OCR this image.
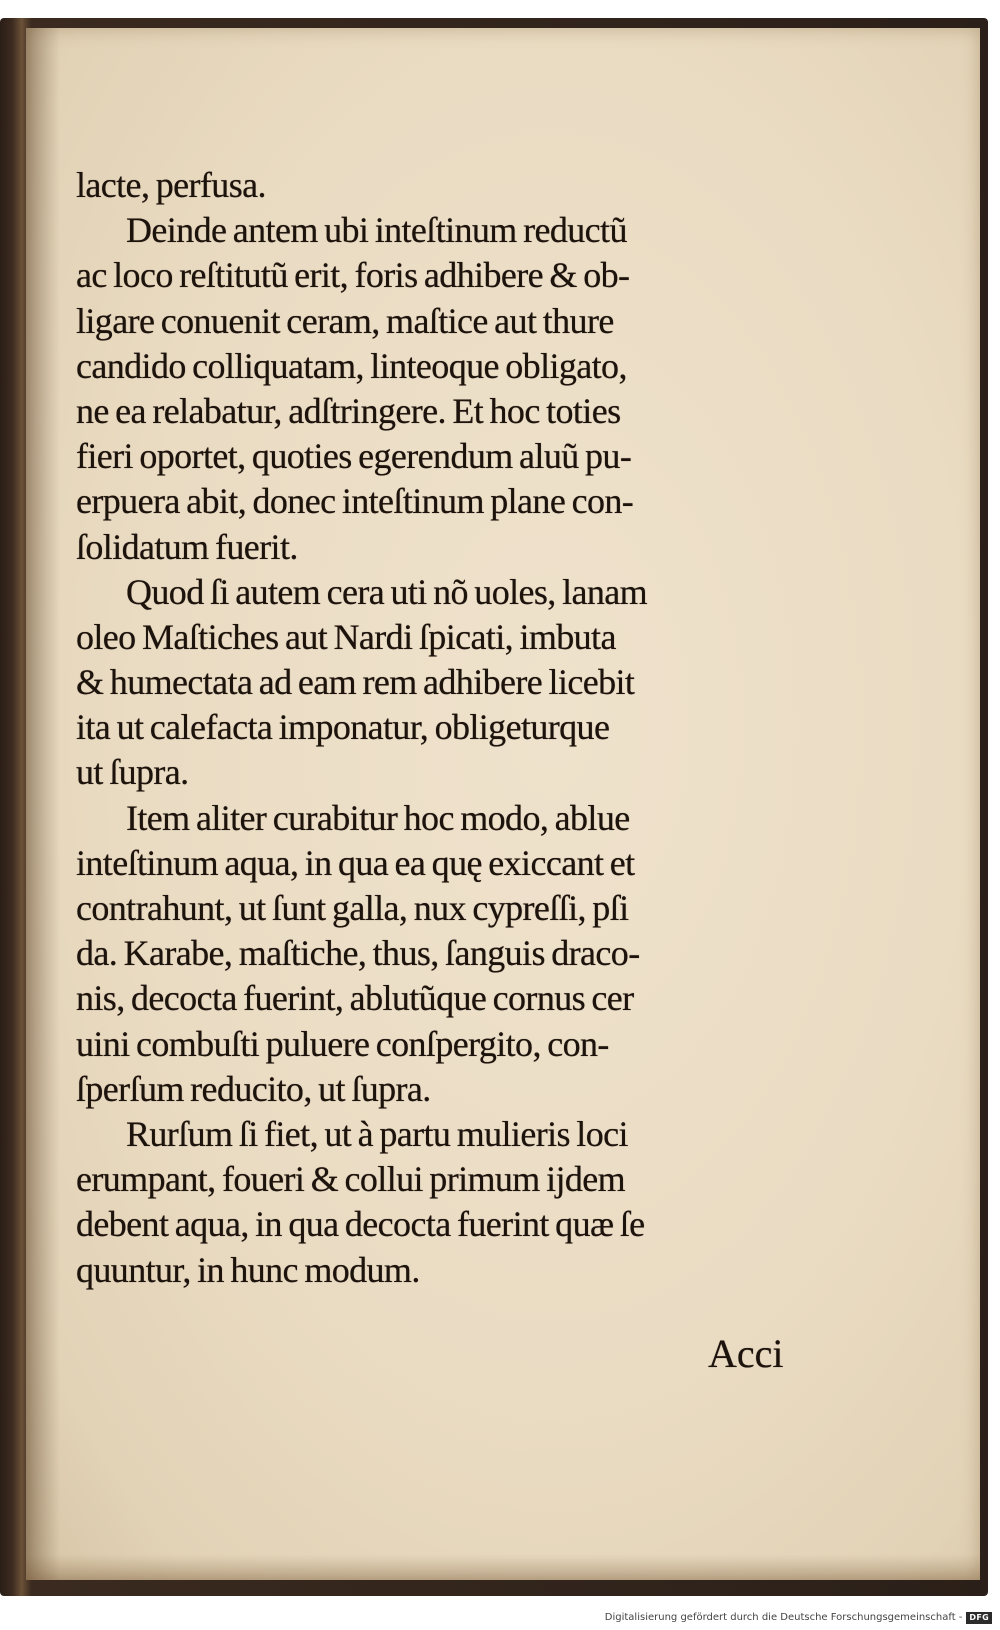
lacte, perfusa.
Deinde antem ubi inteſtinum reductũ
ac loco reſtitutũ erit, foris adhibere & ob-
ligare conuenit ceram, maſtice aut thure
candido colliquatam, linteoque obligato,
ne ea relabatur, adſtringere. Et hoc toties
fieri oportet, quoties egerendum aluũ pu-
erpuera abit, donec inteſtinum plane con-
ſolidatum fuerit.
Quod ſi autem cera uti nõ uoles, lanam
oleo Maſtiches aut Nardi ſpicati, imbuta
& humectata ad eam rem adhibere licebit
ita ut calefacta imponatur, obligeturque
ut ſupra.
Item aliter curabitur hoc modo, ablue
inteſtinum aqua, in qua ea quę exiccant et
contrahunt, ut ſunt galla, nux cypreſſi, pſi
da. Karabe, maſtiche, thus, ſanguis draco-
nis, decocta fuerint, ablutũque cornus cer
uini combuſti puluere conſpergito, con-
ſperſum reducito, ut ſupra.
Rurſum ſi fiet, ut à partu mulieris loci
erumpant, foueri & collui primum ijdem
debent aqua, in qua decocta fuerint quæ ſe
quuntur, in hunc modum.
Acci
Digitalisierung gefördert durch die Deutsche Forschungsgemeinschaft - DFG
